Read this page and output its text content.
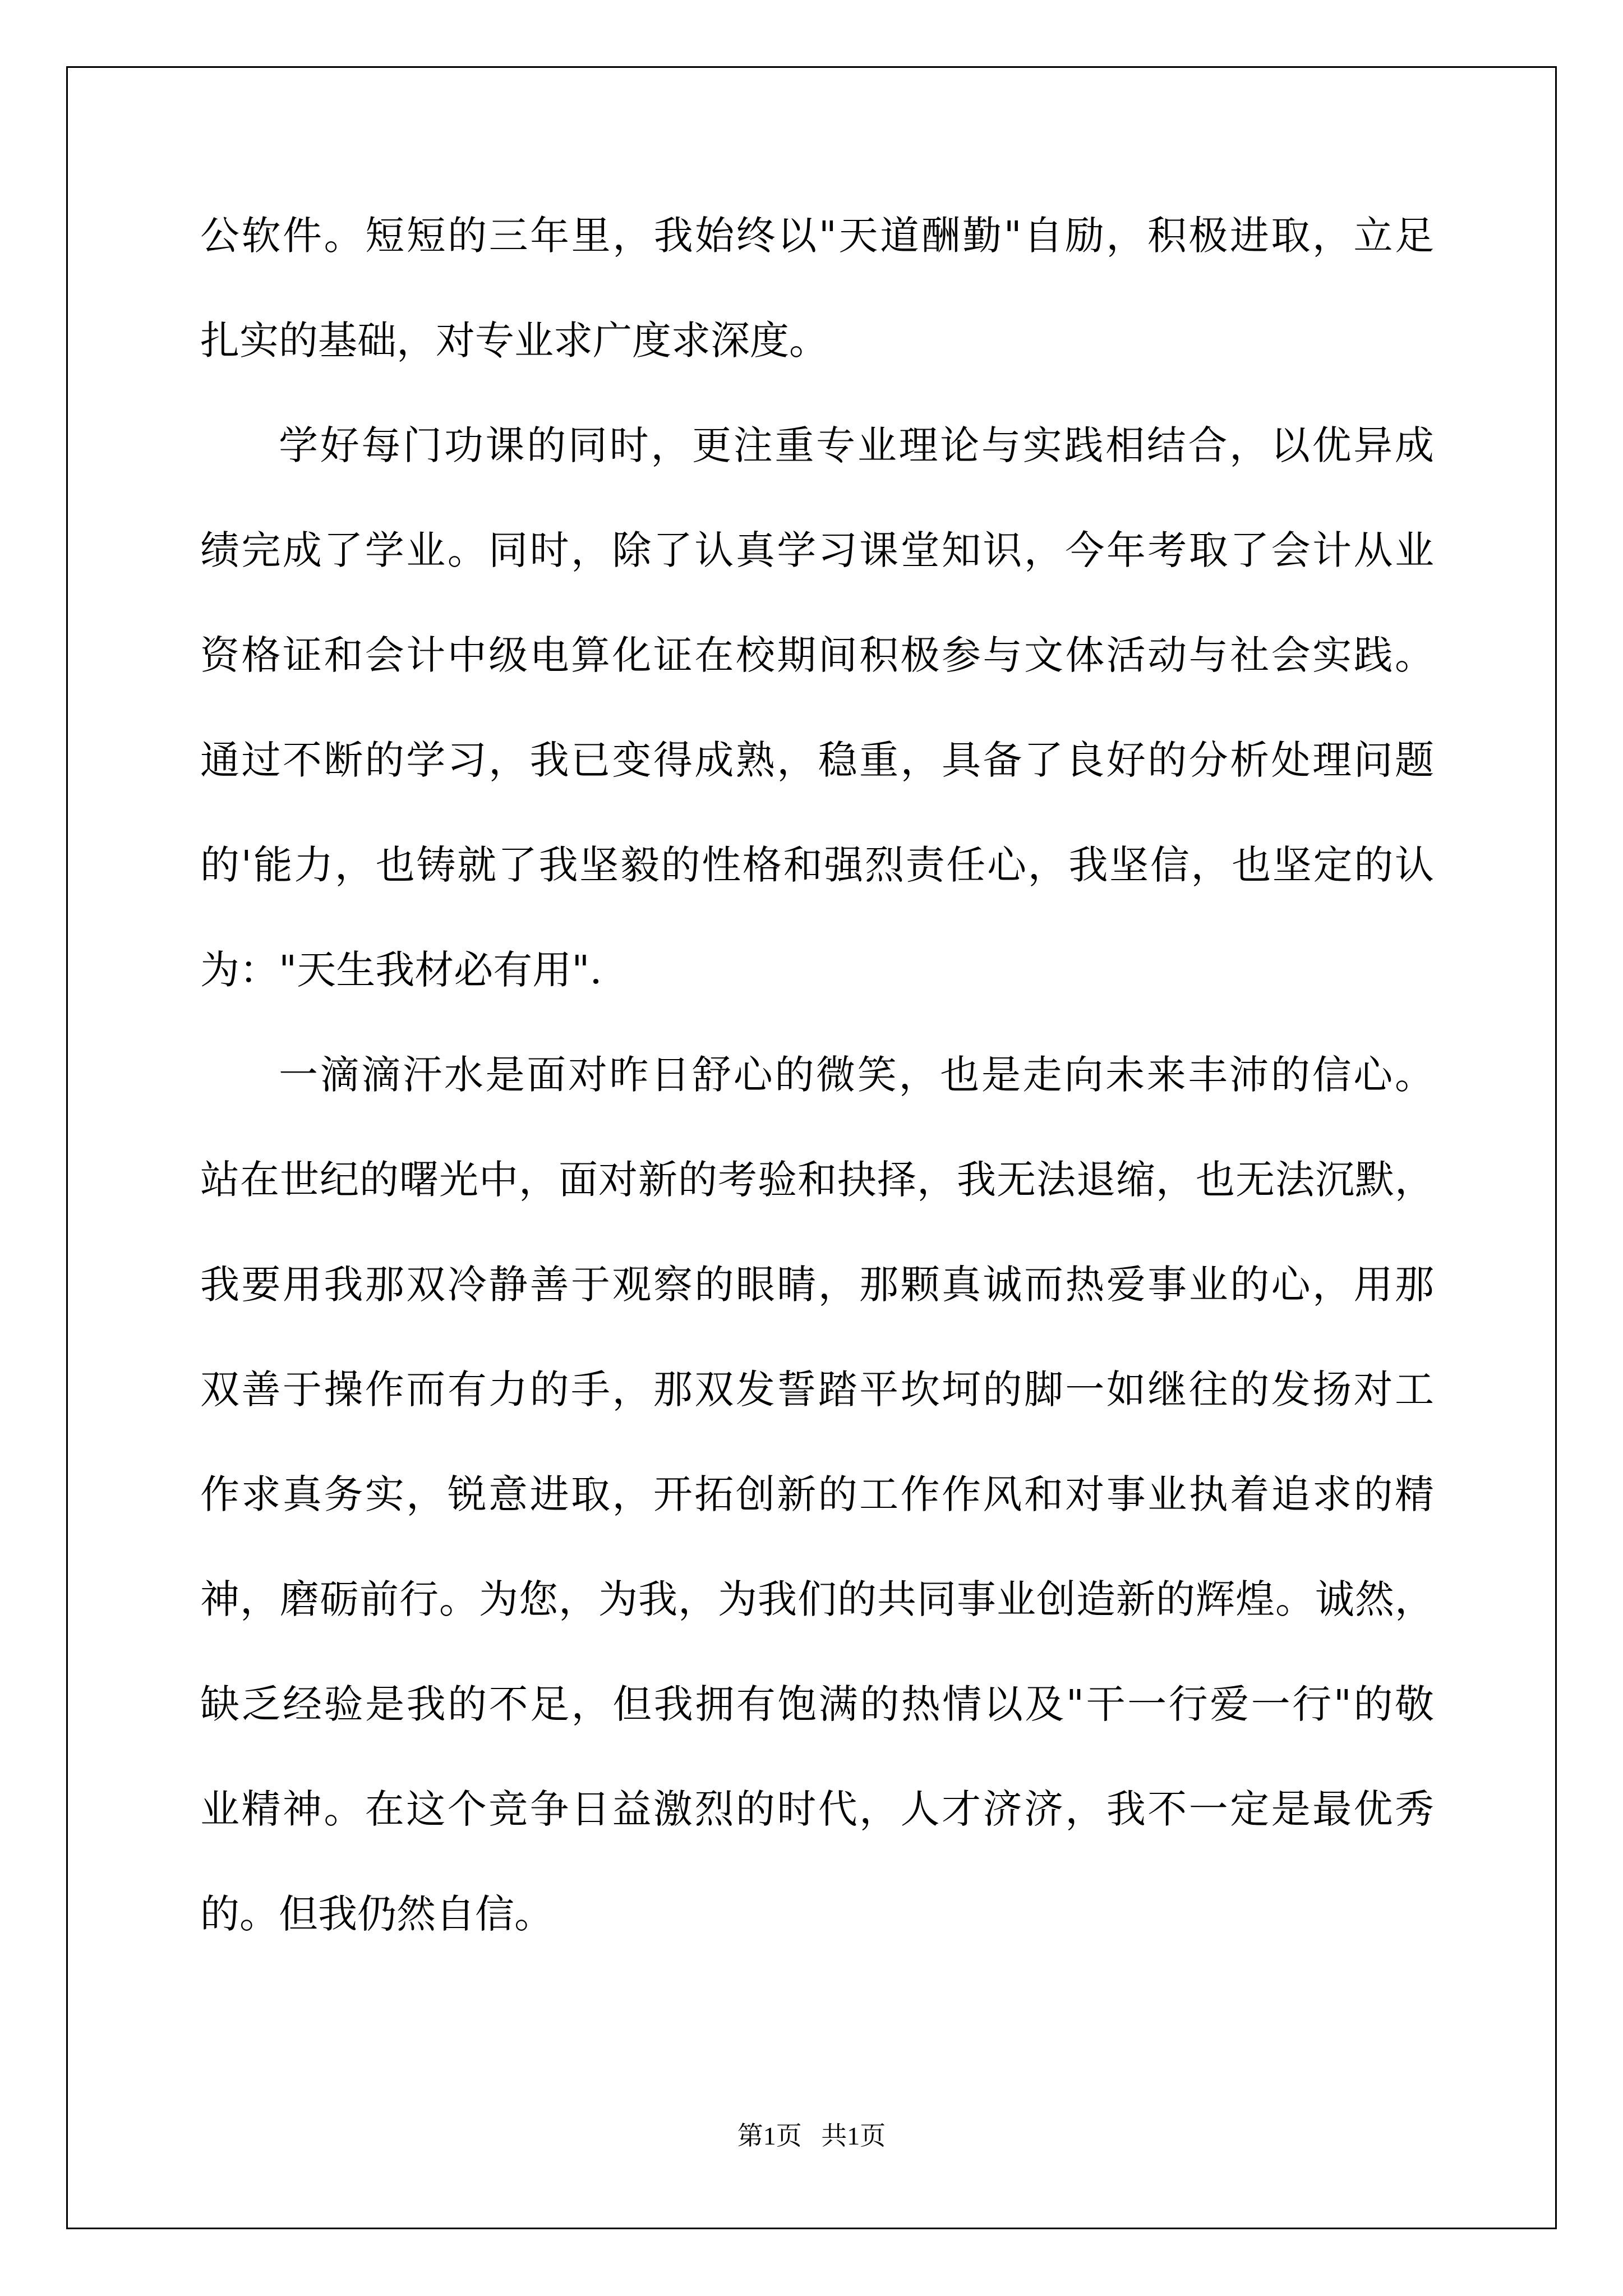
公软件。短短的三年里，我始终以"天道酬勤"自励，积极进取，立足
扎实的基础，对专业求广度求深度。
学好每门功课的同时，更注重专业理论与实践相结合，以优异成
绩完成了学业。同时，除了认真学习课堂知识，今年考取了会计从业
资格证和会计中级电算化证在校期间积极参与文体活动与社会实践。
通过不断的学习，我已变得成熟，稳重，具备了良好的分析处理问题
的'能力，也铸就了我坚毅的性格和强烈责任心，我坚信，也坚定的认
为："天生我材必有用".
一滴滴汗水是面对昨日舒心的微笑，也是走向未来丰沛的信心。
站在世纪的曙光中，面对新的考验和抉择，我无法退缩，也无法沉默，
我要用我那双冷静善于观察的眼睛，那颗真诚而热爱事业的心，用那
双善于操作而有力的手，那双发誓踏平坎坷的脚一如继往的发扬对工
作求真务实，锐意进取，开拓创新的工作作风和对事业执着追求的精
神，磨砺前行。为您，为我，为我们的共同事业创造新的辉煌。诚然，
缺乏经验是我的不足，但我拥有饱满的热情以及"干一行爱一行"的敬
业精神。在这个竞争日益激烈的时代，人才济济，我不一定是最优秀
的。但我仍然自信。
第1页   共1页
